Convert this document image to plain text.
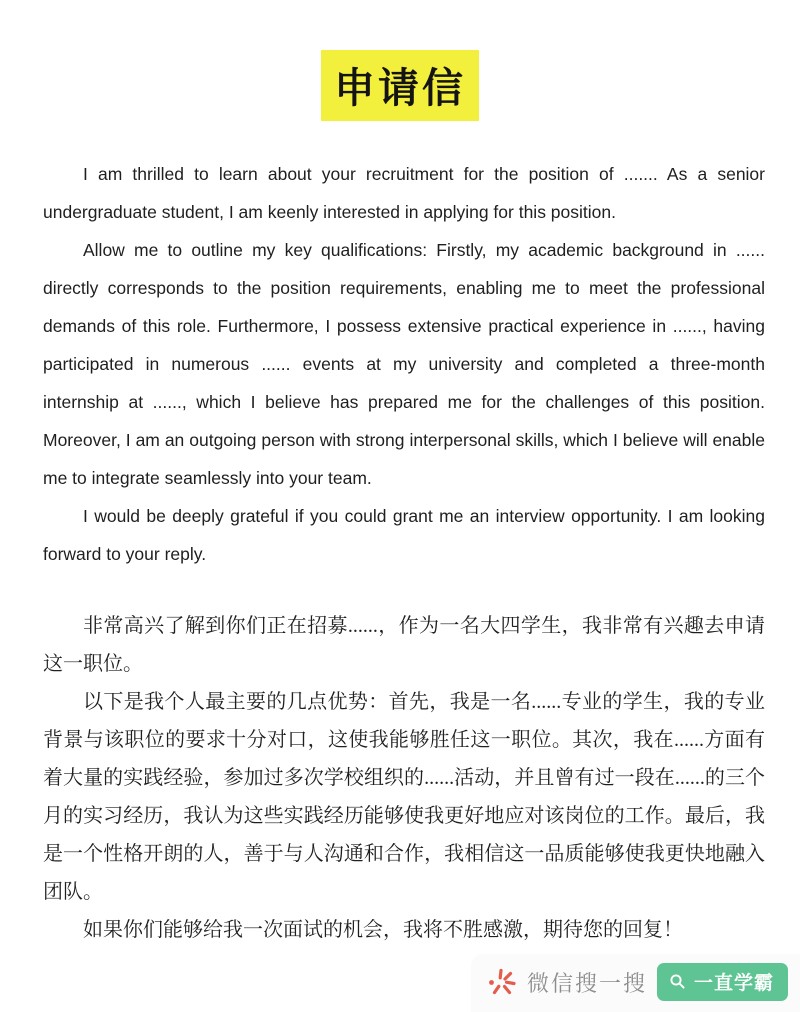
申请信

I am thrilled to learn about your recruitment for the position of ....... As a senior undergraduate student, I am keenly interested in applying for this position.

Allow me to outline my key qualifications: Firstly, my academic background in ...... directly corresponds to the position requirements, enabling me to meet the professional demands of this role. Furthermore, I possess extensive practical experience in ......, having participated in numerous ...... events at my university and completed a three-month internship at ......, which I believe has prepared me for the challenges of this position. Moreover, I am an outgoing person with strong interpersonal skills, which I believe will enable me to integrate seamlessly into your team.

I would be deeply grateful if you could grant me an interview opportunity. I am looking forward to your reply.

非常高兴了解到你们正在招募......，作为一名大四学生，我非常有兴趣去申请这一职位。

以下是我个人最主要的几点优势：首先，我是一名......专业的学生，我的专业背景与该职位的要求十分对口，这使我能够胜任这一职位。其次，我在......方面有着大量的实践经验，参加过多次学校组织的......活动，并且曾有过一段在......的三个月的实习经历，我认为这些实践经历能够使我更好地应对该岗位的工作。最后，我是一个性格开朗的人，善于与人沟通和合作，我相信这一品质能够使我更快地融入团队。

如果你们能够给我一次面试的机会，我将不胜感激，期待您的回复！

微信搜一搜 一直学霸
